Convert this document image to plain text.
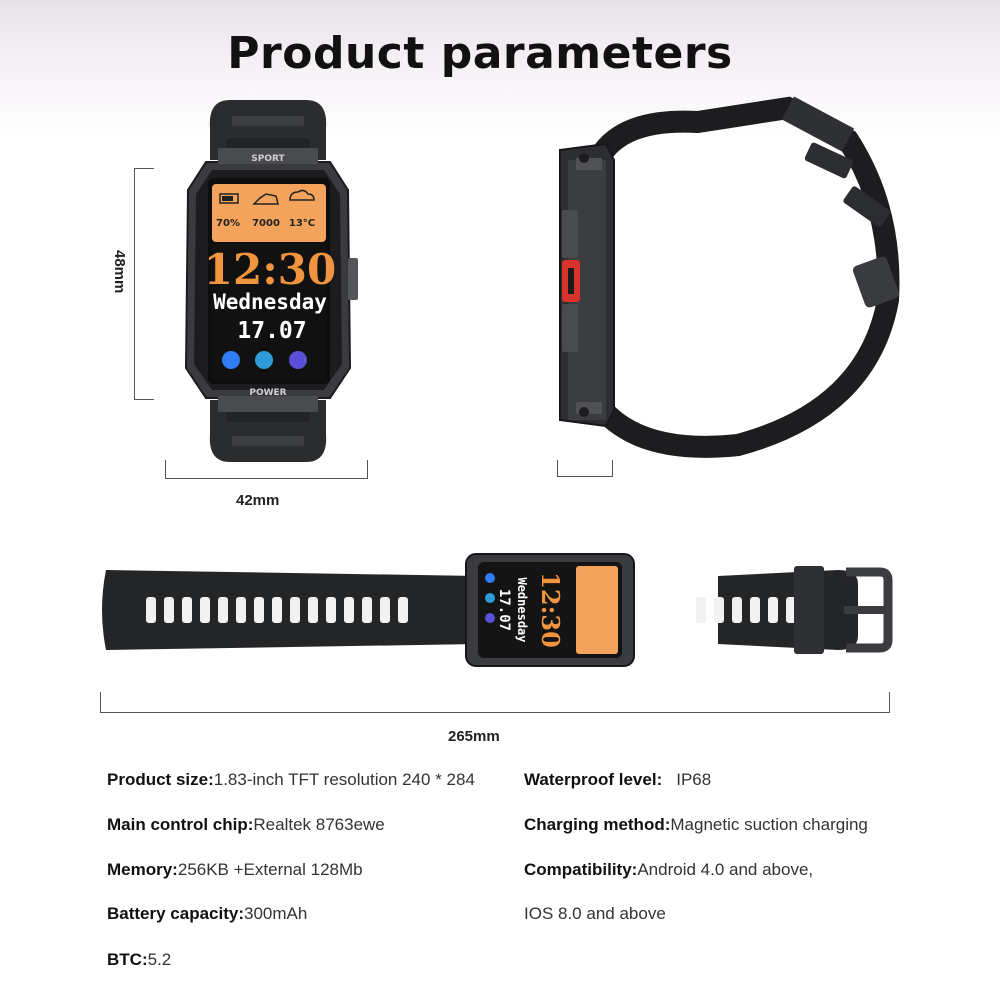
Product parameters
SPORT
POWER
70% 7000 13°C
12:30
Wednesday
17.07
48mm
42mm
12:30
Wednesday
17.07
265mm
Product size:1.83-inch TFT resolution 240 * 284
Main control chip:Realtek 8763ewe
Memory:256KB +External 128Mb
Battery capacity:300mAh
BTC:5.2
Waterproof level: IP68
Charging method:Magnetic suction charging
Compatibility:Android 4.0 and above,
IOS 8.0 and above
